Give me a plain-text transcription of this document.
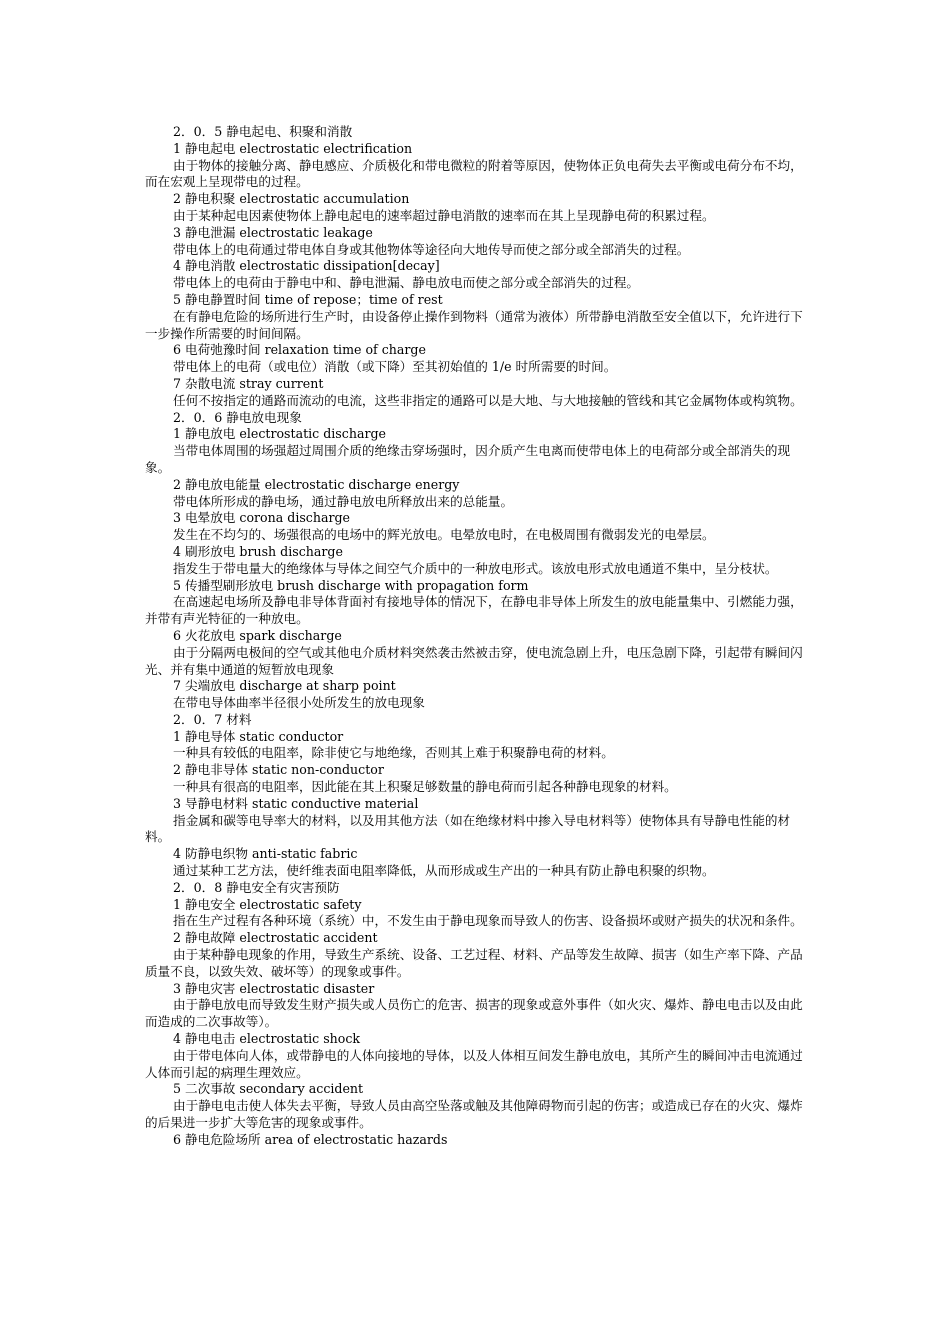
2．0．5 静电起电、积聚和消散

1 静电起电 electrostatic electrification

由于物体的接触分离、静电感应、介质极化和带电微粒的附着等原因，使物体正负电荷失去平衡或电荷分布不均，而在宏观上呈现带电的过程。

2 静电积聚 electrostatic accumulation

由于某种起电因素使物体上静电起电的速率超过静电消散的速率而在其上呈现静电荷的积累过程。

3 静电泄漏 electrostatic leakage

带电体上的电荷通过带电体自身或其他物体等途径向大地传导而使之部分或全部消失的过程。

4 静电消散 electrostatic dissipation[decay]

带电体上的电荷由于静电中和、静电泄漏、静电放电而使之部分或全部消失的过程。

5 静电静置时间 time of repose；time of rest

在有静电危险的场所进行生产时，由设备停止操作到物料（通常为液体）所带静电消散至安全值以下，允许进行下一步操作所需要的时间间隔。

6 电荷弛豫时间 relaxation time of charge

带电体上的电荷（或电位）消散（或下降）至其初始值的 1/e 时所需要的时间。

7 杂散电流 stray current

任何不按指定的通路而流动的电流，这些非指定的通路可以是大地、与大地接触的管线和其它金属物体或构筑物。

2．0．6 静电放电现象

1 静电放电 electrostatic discharge

当带电体周围的场强超过周围介质的绝缘击穿场强时，因介质产生电离而使带电体上的电荷部分或全部消失的现象。

2 静电放电能量 electrostatic discharge energy

带电体所形成的静电场，通过静电放电所释放出来的总能量。

3 电晕放电 corona discharge

发生在不均匀的、场强很高的电场中的辉光放电。电晕放电时，在电极周围有微弱发光的电晕层。

4 刷形放电 brush discharge

指发生于带电量大的绝缘体与导体之间空气介质中的一种放电形式。该放电形式放电通道不集中，呈分枝状。

5 传播型刷形放电 brush discharge with propagation form

在高速起电场所及静电非导体背面衬有接地导体的情况下，在静电非导体上所发生的放电能量集中、引燃能力强，并带有声光特征的一种放电。

6 火花放电 spark discharge

由于分隔两电极间的空气或其他电介质材料突然袭击然被击穿，使电流急剧上升，电压急剧下降，引起带有瞬间闪光、并有集中通道的短暂放电现象

7 尖端放电 discharge at sharp point

在带电导体曲率半径很小处所发生的放电现象

2．0．7 材料

1 静电导体 static conductor

一种具有较低的电阻率，除非使它与地绝缘，否则其上难于积聚静电荷的材料。

2 静电非导体 static non-conductor

一种具有很高的电阻率，因此能在其上积聚足够数量的静电荷而引起各种静电现象的材料。

3 导静电材料 static conductive material

指金属和碳等电导率大的材料，以及用其他方法（如在绝缘材料中掺入导电材料等）使物体具有导静电性能的材料。

4 防静电织物 anti-static fabric

通过某种工艺方法，使纤维表面电阻率降低，从而形成或生产出的一种具有防止静电积聚的织物。

2．0．8 静电安全有灾害预防

1 静电安全 electrostatic safety

指在生产过程有各种环境（系统）中，不发生由于静电现象而导致人的伤害、设备损坏或财产损失的状况和条件。

2 静电故障 electrostatic accident

由于某种静电现象的作用，导致生产系统、设备、工艺过程、材料、产品等发生故障、损害（如生产率下降、产品质量不良，以致失效、破坏等）的现象或事件。

3 静电灾害 electrostatic disaster

由于静电放电而导致发生财产损失或人员伤亡的危害、损害的现象或意外事件（如火灾、爆炸、静电电击以及由此而造成的二次事故等）。

4 静电电击 electrostatic shock

由于带电体向人体，或带静电的人体向接地的导体，以及人体相互间发生静电放电，其所产生的瞬间冲击电流通过人体而引起的病理生理效应。

5 二次事故 secondary accident

由于静电电击使人体失去平衡，导致人员由高空坠落或触及其他障碍物而引起的伤害；或造成已存在的火灾、爆炸的后果进一步扩大等危害的现象或事件。

6 静电危险场所 area of electrostatic hazards
